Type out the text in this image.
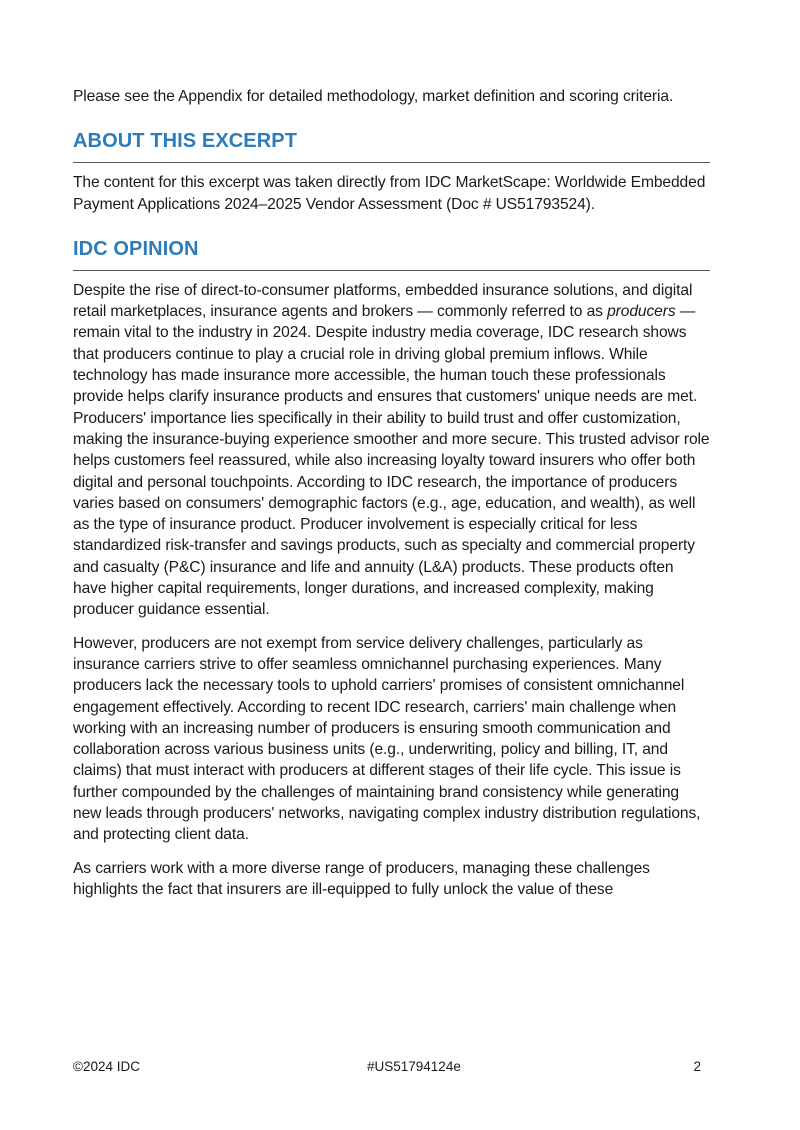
Please see the Appendix for detailed methodology, market definition and scoring criteria.

ABOUT THIS EXCERPT

The content for this excerpt was taken directly from IDC MarketScape: Worldwide Embedded Payment Applications 2024–2025 Vendor Assessment (Doc # US51793524).

IDC OPINION

Despite the rise of direct-to-consumer platforms, embedded insurance solutions, and digital retail marketplaces, insurance agents and brokers — commonly referred to as producers — remain vital to the industry in 2024. Despite industry media coverage, IDC research shows that producers continue to play a crucial role in driving global premium inflows. While technology has made insurance more accessible, the human touch these professionals provide helps clarify insurance products and ensures that customers' unique needs are met. Producers' importance lies specifically in their ability to build trust and offer customization, making the insurance-buying experience smoother and more secure. This trusted advisor role helps customers feel reassured, while also increasing loyalty toward insurers who offer both digital and personal touchpoints. According to IDC research, the importance of producers varies based on consumers' demographic factors (e.g., age, education, and wealth), as well as the type of insurance product. Producer involvement is especially critical for less standardized risk-transfer and savings products, such as specialty and commercial property and casualty (P&C) insurance and life and annuity (L&A) products. These products often have higher capital requirements, longer durations, and increased complexity, making producer guidance essential.

However, producers are not exempt from service delivery challenges, particularly as insurance carriers strive to offer seamless omnichannel purchasing experiences. Many producers lack the necessary tools to uphold carriers' promises of consistent omnichannel engagement effectively. According to recent IDC research, carriers' main challenge when working with an increasing number of producers is ensuring smooth communication and collaboration across various business units (e.g., underwriting, policy and billing, IT, and claims) that must interact with producers at different stages of their life cycle. This issue is further compounded by the challenges of maintaining brand consistency while generating new leads through producers' networks, navigating complex industry distribution regulations, and protecting client data.

As carriers work with a more diverse range of producers, managing these challenges highlights the fact that insurers are ill-equipped to fully unlock the value of these

©2024 IDC	#US51794124e	2
